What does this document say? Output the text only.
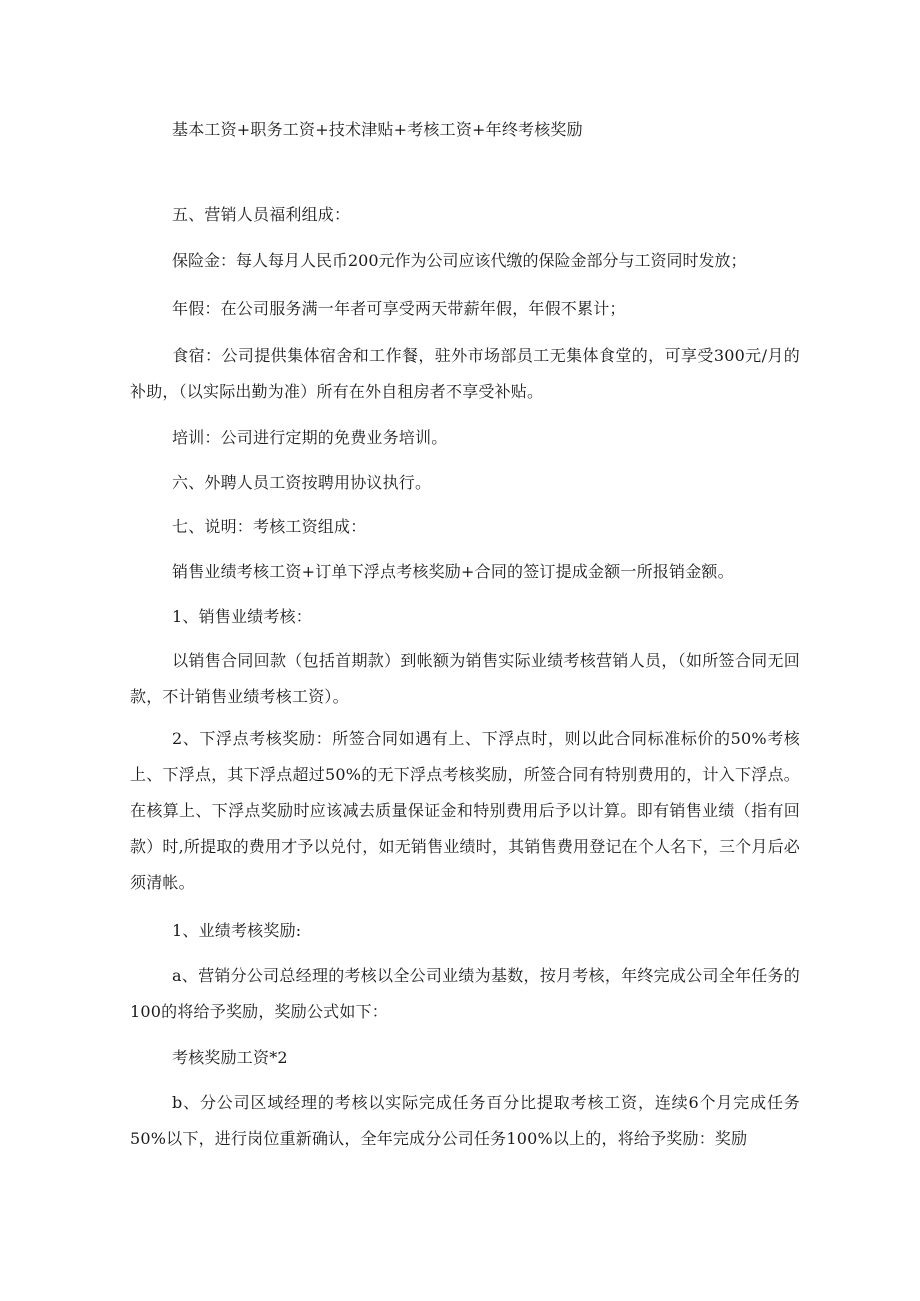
基本工资+职务工资+技术津贴+考核工资+年终考核奖励
五、营销人员福利组成：
保险金：每人每月人民币200元作为公司应该代缴的保险金部分与工资同时发放；
年假：在公司服务满一年者可享受两天带薪年假，年假不累计；
食宿：公司提供集体宿舍和工作餐，驻外市场部员工无集体食堂的，可享受300元/月的补助，（以实际出勤为准）所有在外自租房者不享受补贴。
培训：公司进行定期的免费业务培训。
六、外聘人员工资按聘用协议执行。
七、说明：考核工资组成：
销售业绩考核工资+订单下浮点考核奖励+合同的签订提成金额一所报销金额。
1、销售业绩考核：
以销售合同回款（包括首期款）到帐额为销售实际业绩考核营销人员，（如所签合同无回款，不计销售业绩考核工资）。
2、下浮点考核奖励：所签合同如遇有上、下浮点时，则以此合同标准标价的50%考核上、下浮点，其下浮点超过50%的无下浮点考核奖励，所签合同有特别费用的，计入下浮点。在核算上、下浮点奖励时应该减去质量保证金和特别费用后予以计算。即有销售业绩（指有回款）时,所提取的费用才予以兑付，如无销售业绩时，其销售费用登记在个人名下，三个月后必须清帐。
1、业绩考核奖励:
a、营销分公司总经理的考核以全公司业绩为基数，按月考核，年终完成公司全年任务的100的将给予奖励，奖励公式如下：
考核奖励工资*2
b、分公司区域经理的考核以实际完成任务百分比提取考核工资，连续6个月完成任务50%以下，进行岗位重新确认，全年完成分公司任务100%以上的，将给予奖励：奖励
